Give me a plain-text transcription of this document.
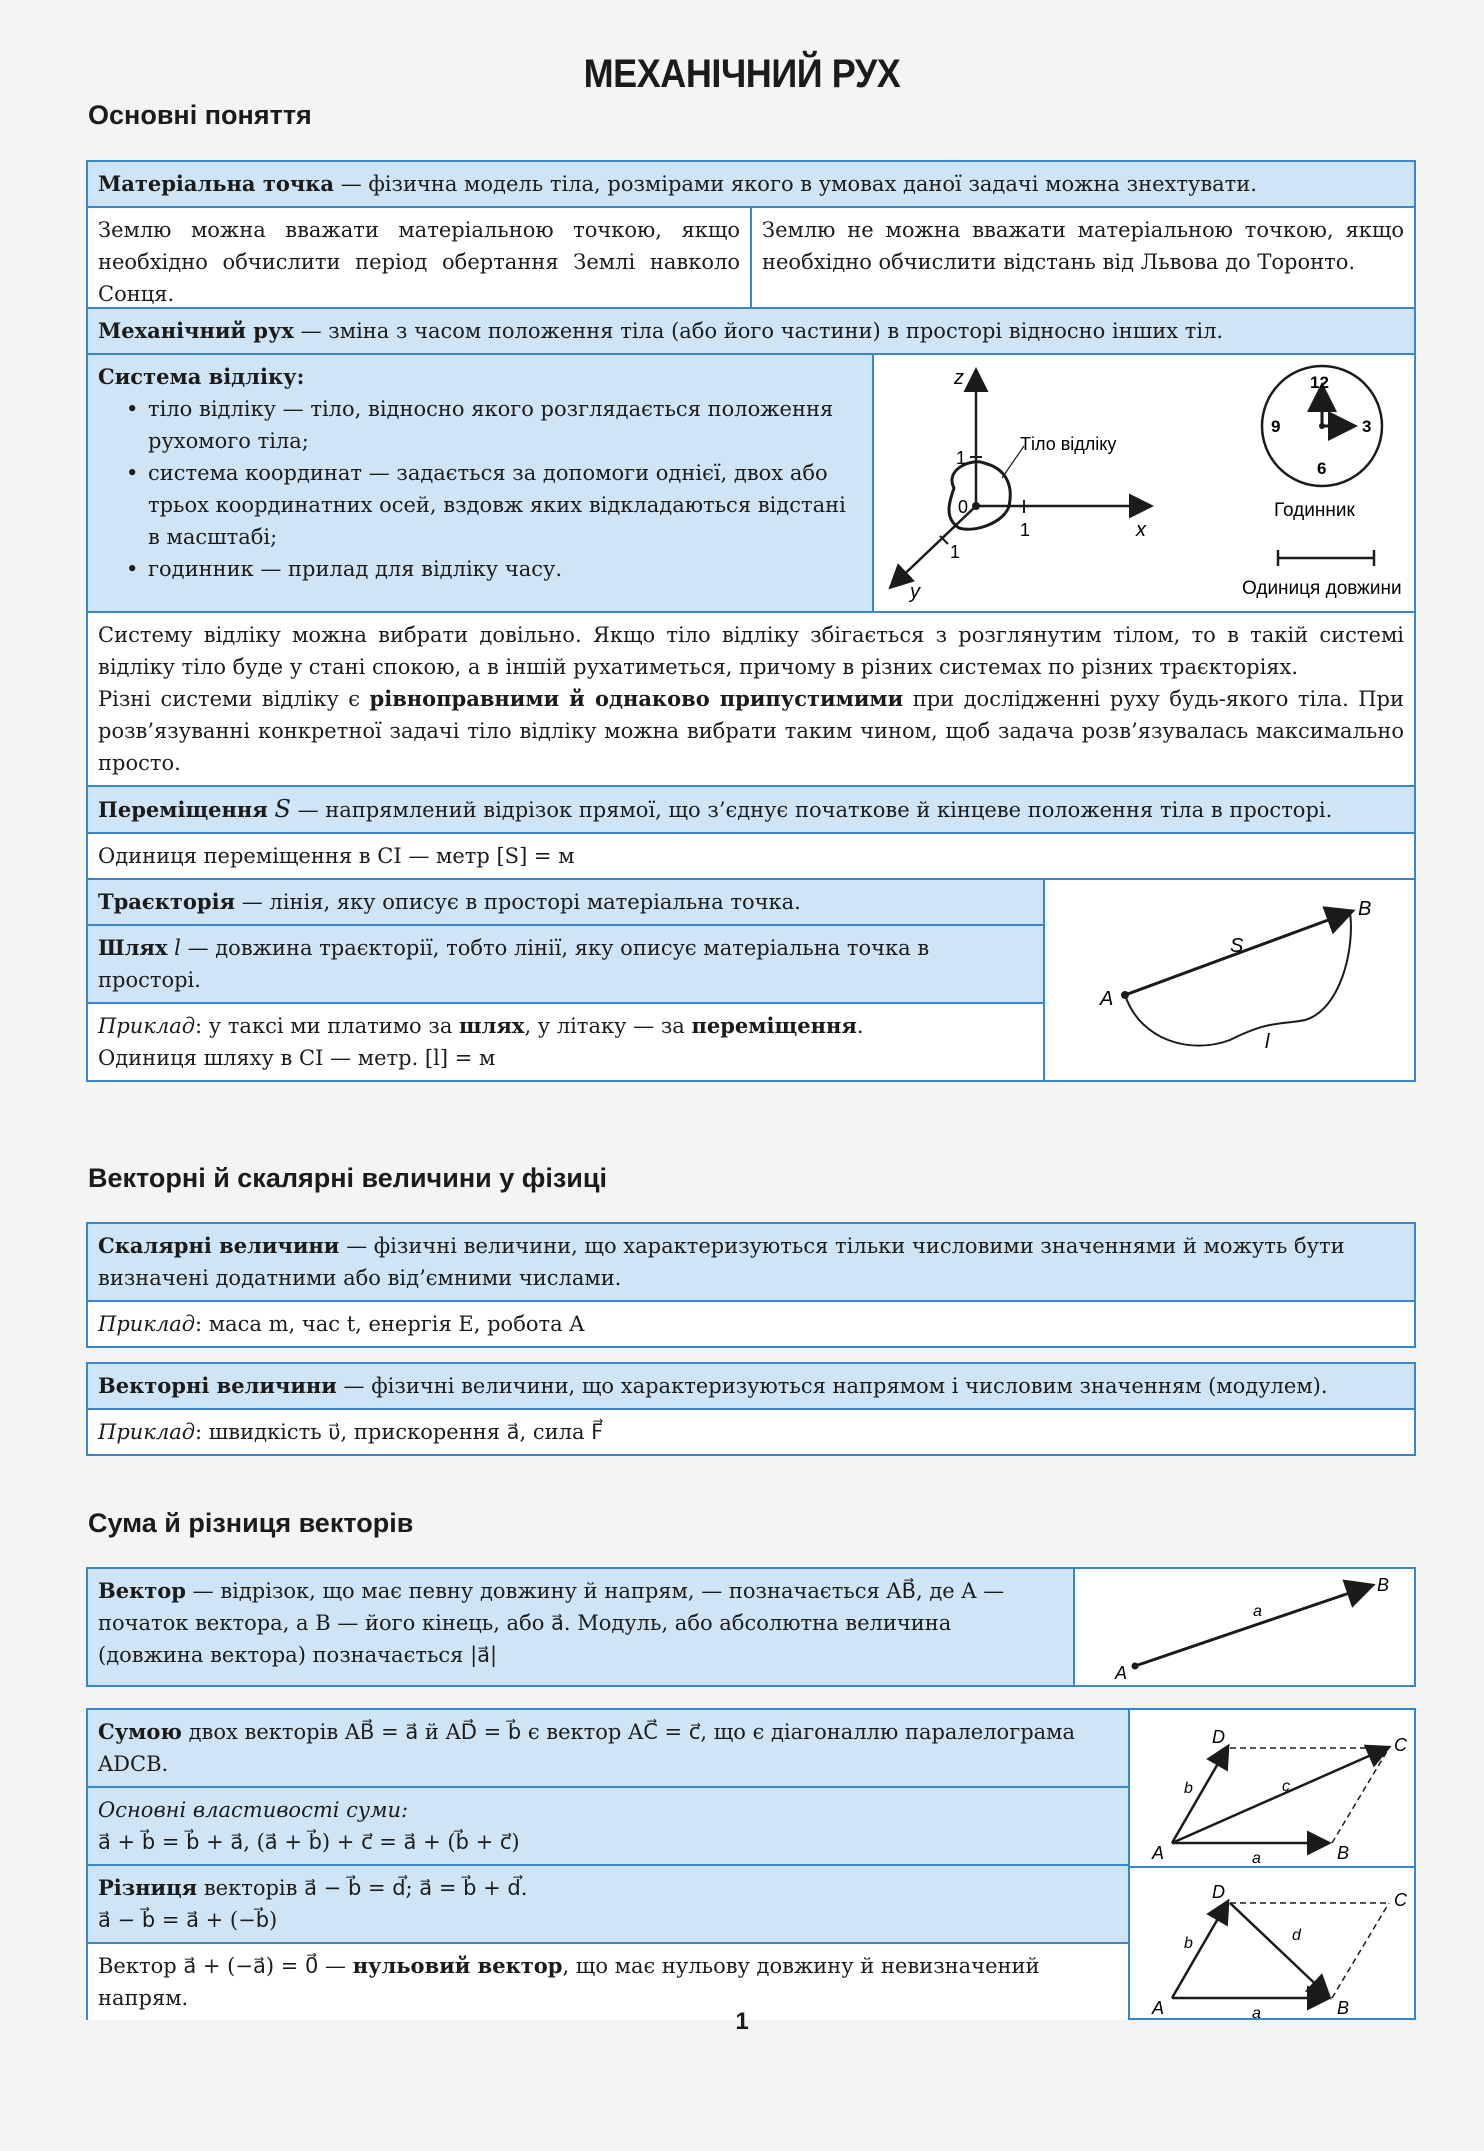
МЕХАНІЧНИЙ РУХ
Основні поняття
Матеріальна точка — фізична модель тіла, розмірами якого в умовах даної задачі можна знехтувати.
Землю можна вважати матеріальною точкою, якщо необхідно обчислити період обертання Землі навколо Сонця.
Землю не можна вважати матеріальною точкою, якщо необхідно обчислити відстань від Львова до Торонто.
Механічний рух — зміна з часом положення тіла (або його частини) в просторі відносно інших тіл.
Система відліку:
• тіло відліку — тіло, відносно якого розглядається положення рухомого тіла;
• система координат — задається за допомоги однієї, двох або трьох координатних осей, вздовж яких відкладаються відстані в масштабі;
• годинник — прилад для відліку часу.
z
x
y
0
1
1
1
Тіло відліку
12
3
6
9
Годинник
Одиниця довжини
Систему відліку можна вибрати довільно. Якщо тіло відліку збігається з розглянутим тілом, то в такій системі відліку тіло буде у стані спокою, а в іншій рухатиметься, причому в різних системах по різних траєкторіях.
Різні системи відліку є рівноправними й однаково припустимими при дослідженні руху будь-якого тіла. При розв’язуванні конкретної задачі тіло відліку можна вибрати таким чином, щоб задача розв’язувалась максимально просто.
Переміщення S — напрямлений відрізок прямої, що з’єднує початкове й кінцеве положення тіла в просторі.
Одиниця переміщення в СІ — метр [S] = м
Траєкторія — лінія, яку описує в просторі матеріальна точка.
Шлях l — довжина траєкторії, тобто лінії, яку описує матеріальна точка в просторі.
Приклад: у таксі ми платимо за шлях, у літаку — за переміщення.
Одиниця шляху в СІ — метр. [l] = м
A
B
S
l
Векторні й скалярні величини у фізиці
Скалярні величини — фізичні величини, що характеризуються тільки числовими значеннями й можуть бути визначені додатними або від’ємними числами.
Приклад: маса m, час t, енергія E, робота A
Векторні величини — фізичні величини, що характеризуються напрямом і числовим значенням (модулем).
Приклад: швидкість υ⃗, прискорення a⃗, сила F⃗
Сума й різниця векторів
Вектор — відрізок, що має певну довжину й напрям, — позначається AB⃗, де A — початок вектора, а B — його кінець, або a⃗. Модуль, або абсолютна величина (довжина вектора) позначається |a⃗|
A
B
a
Сумою двох векторів AB⃗ = a⃗ й AD⃗ = b⃗ є вектор AC⃗ = c⃗, що є діагоналлю паралелограма ADCB.
Основні властивості суми:
a⃗ + b⃗ = b⃗ + a⃗, (a⃗ + b⃗) + c⃗ = a⃗ + (b⃗ + c⃗)
Різниця векторів a⃗ − b⃗ = d⃗; a⃗ = b⃗ + d⃗.
a⃗ − b⃗ = a⃗ + (−b⃗)
Вектор a⃗ + (−a⃗) = 0⃗ — нульовий вектор, що має нульову довжину й невизначений напрям.
A	B
C
D
a
b	c
A	B
C
D
a
b	d
1
